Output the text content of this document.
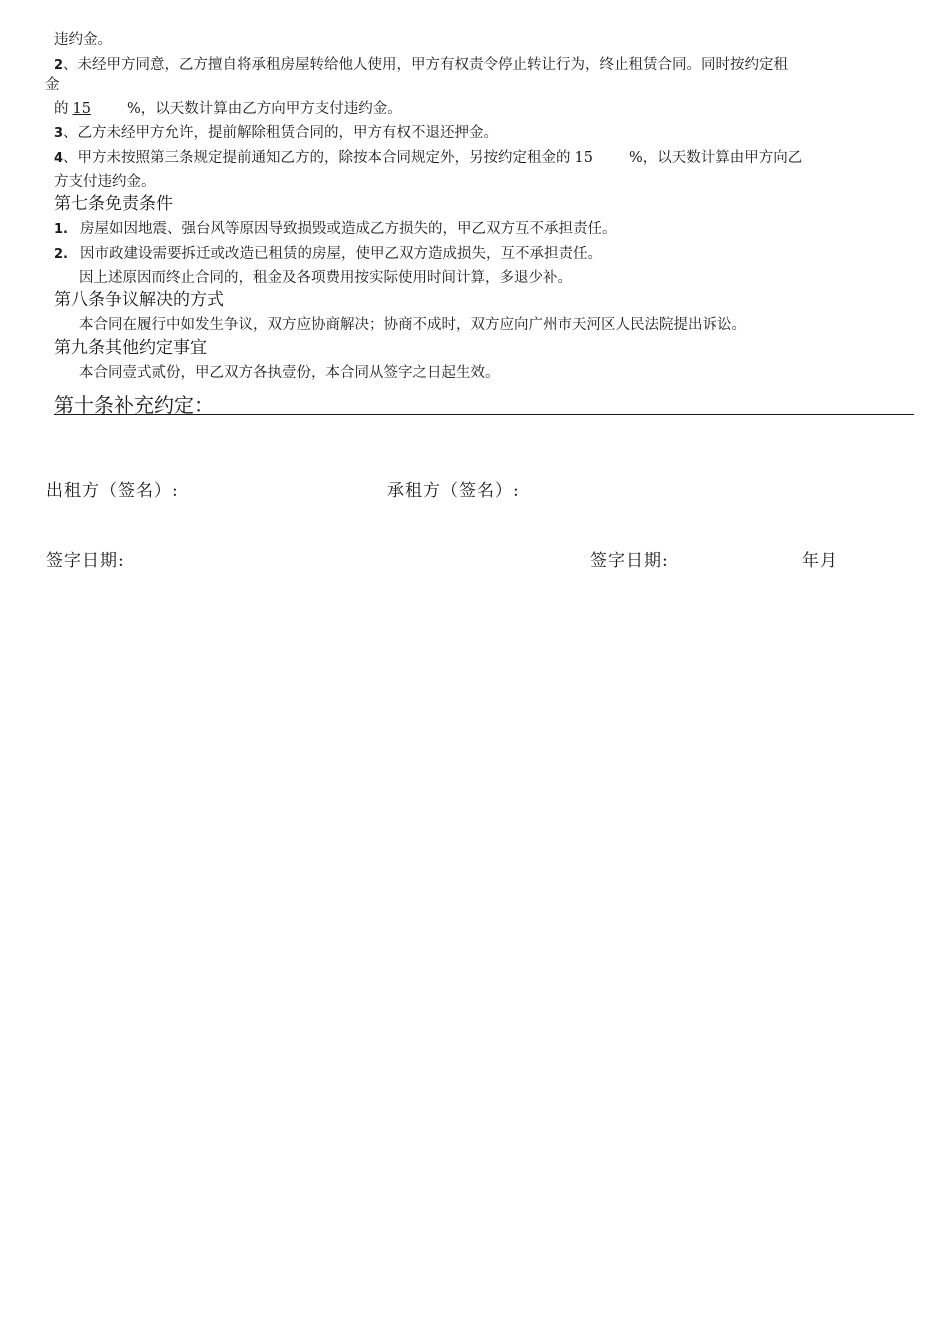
违约金。
2、未经甲方同意，乙方擅自将承租房屋转给他人使用，甲方有权责令停止转让行为，终止租赁合同。同时按约定租
金
的 15 %，以天数计算由乙方向甲方支付违约金。
3、乙方未经甲方允许，提前解除租赁合同的，甲方有权不退还押金。
4、甲方未按照第三条规定提前通知乙方的，除按本合同规定外，另按约定租金的 15 %，以天数计算由甲方向乙
方支付违约金。
第七条免责条件
1. 房屋如因地震、强台风等原因导致损毁或造成乙方损失的，甲乙双方互不承担责任。
2. 因市政建设需要拆迁或改造已租赁的房屋，使甲乙双方造成损失，互不承担责任。
因上述原因而终止合同的，租金及各项费用按实际使用时间计算，多退少补。
第八条争议解决的方式
本合同在履行中如发生争议，双方应协商解决；协商不成时，双方应向广州市天河区人民法院提出诉讼。
第九条其他约定事宜
本合同壹式贰份，甲乙双方各执壹份，本合同从签字之日起生效。
第十条补充约定：
出租方（签名）:	承租方（签名）:
签字日期:	签字日期:	年月
